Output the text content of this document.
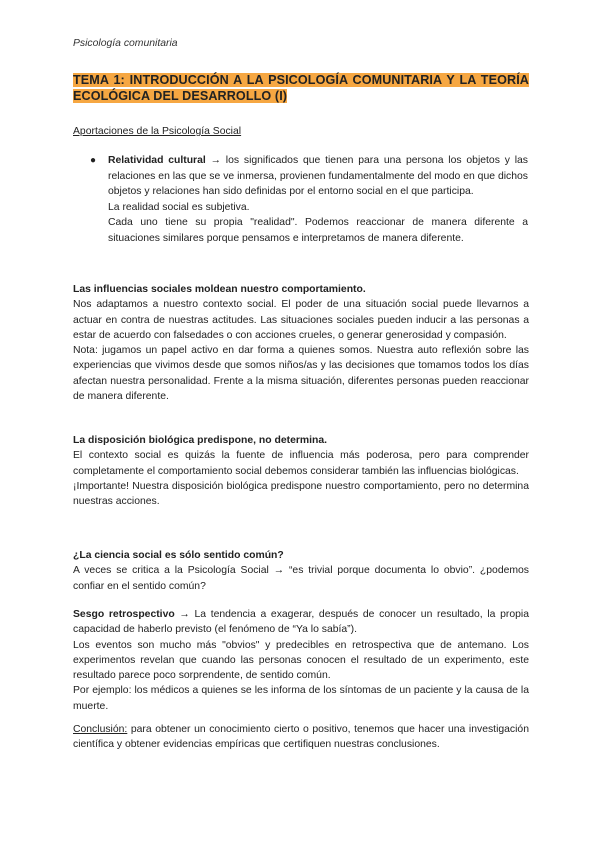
Psicología comunitaria
TEMA 1: INTRODUCCIÓN A LA PSICOLOGÍA COMUNITARIA Y LA TEORÍA ECOLÓGICA DEL DESARROLLO (I)
Aportaciones de la Psicología Social
● Relatividad cultural → los significados que tienen para una persona los objetos y las relaciones en las que se ve inmersa, provienen fundamentalmente del modo en que dichos objetos y relaciones han sido definidas por el entorno social en el que participa.

La realidad social es subjetiva.

Cada uno tiene su propia "realidad". Podemos reaccionar de manera diferente a situaciones similares porque pensamos e interpretamos de manera diferente.

Las influencias sociales moldean nuestro comportamiento.

Nos adaptamos a nuestro contexto social. El poder de una situación social puede llevarnos a actuar en contra de nuestras actitudes. Las situaciones sociales pueden inducir a las personas a estar de acuerdo con falsedades o con acciones crueles, o generar generosidad y compasión.

Nota: jugamos un papel activo en dar forma a quienes somos. Nuestra auto reflexión sobre las experiencias que vivimos desde que somos niños/as y las decisiones que tomamos todos los días afectan nuestra personalidad. Frente a la misma situación, diferentes personas pueden reaccionar de manera diferente.

La disposición biológica predispone, no determina.

El contexto social es quizás la fuente de influencia más poderosa, pero para comprender completamente el comportamiento social debemos considerar también las influencias biológicas.

¡Importante! Nuestra disposición biológica predispone nuestro comportamiento, pero no determina nuestras acciones.

¿La ciencia social es sólo sentido común?

A veces se critica a la Psicología Social → “es trivial porque documenta lo obvio”. ¿podemos confiar en el sentido común?

Sesgo retrospectivo → La tendencia a exagerar, después de conocer un resultado, la propia capacidad de haberlo previsto (el fenómeno de “Ya lo sabía”).

Los eventos son mucho más "obvios" y predecibles en retrospectiva que de antemano. Los experimentos revelan que cuando las personas conocen el resultado de un experimento, este resultado parece poco sorprendente, de sentido común.

Por ejemplo: los médicos a quienes se les informa de los síntomas de un paciente y la causa de la muerte.

Conclusión: para obtener un conocimiento cierto o positivo, tenemos que hacer una investigación científica y obtener evidencias empíricas que certifiquen nuestras conclusiones.
